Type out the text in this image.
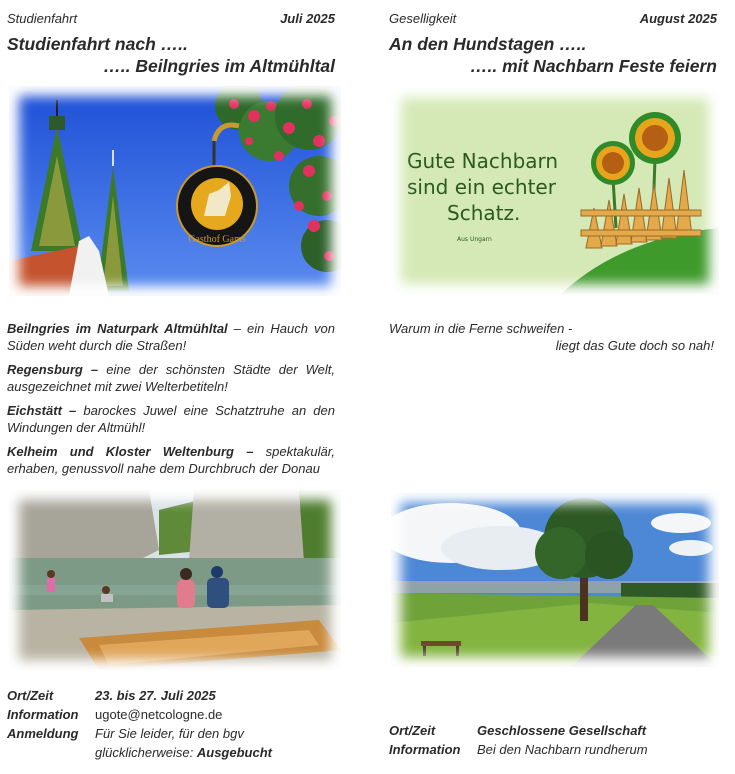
Studienfahrt	Juli 2025
Studienfahrt nach …..
….. Beilngries im Altmühltal
Gasthof Gams

Beilngries im Naturpark Altmühltal – ein Hauch von Süden weht durch die Straßen!

Regensburg – eine der schönsten Städte der Welt, ausgezeichnet mit zwei Welterbetiteln!

Eichstätt – barockes Juwel eine Schatztruhe an den Windungen der Altmühl!

Kelheim und Kloster Weltenburg – spektakulär, erhaben, genussvoll nahe dem Durchbruch der Donau

Ort/Zeit	23. bis 27. Juli 2025
Information	ugote@netcologne.de
Anmeldung	Für Sie leider, für den bgv
glücklicherweise: Ausgebucht
Geselligkeit	August 2025
An den Hundstagen …..
….. mit Nachbarn Feste feiern
Gute Nachbarn
sind ein echter
Schatz.
Aus Ungarn
Warum in die Ferne schweifen -
liegt das Gute doch so nah!
Ort/Zeit	Geschlossene Gesellschaft
Information	Bei den Nachbarn rundherum
